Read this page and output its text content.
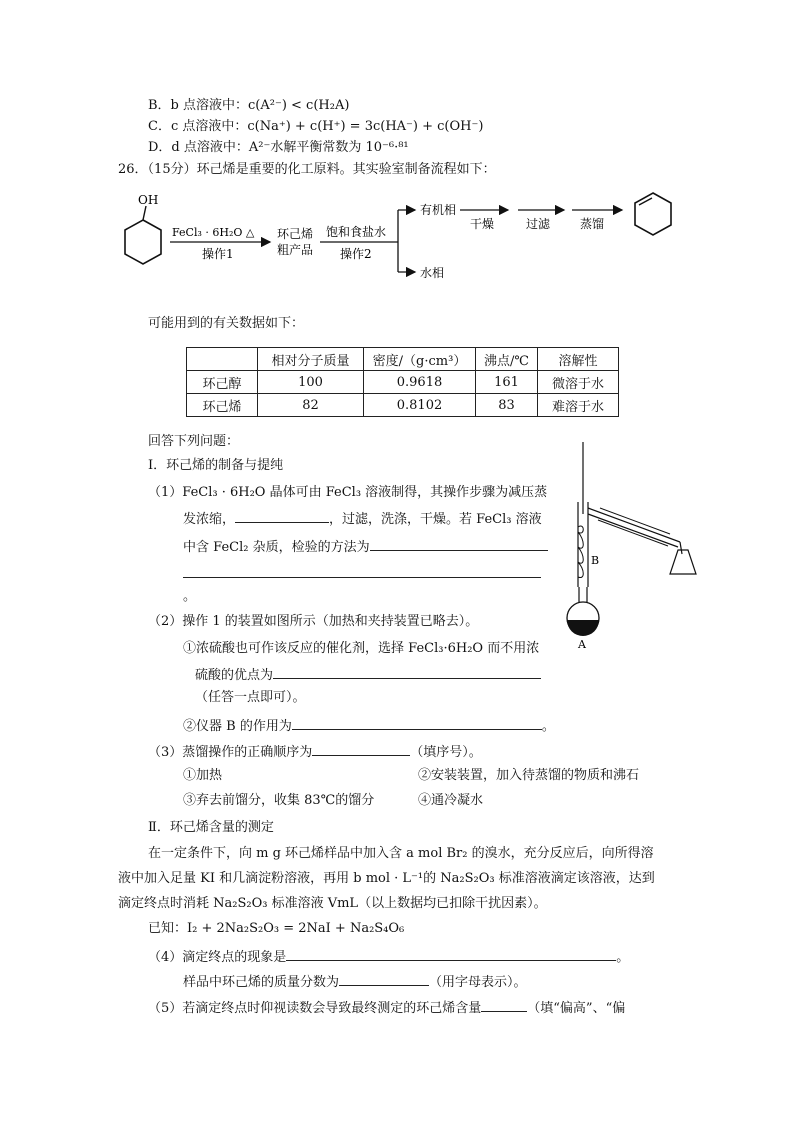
B．b 点溶液中：c(A²⁻) < c(H₂A)
C．c 点溶液中：c(Na⁺) + c(H⁺) = 3c(HA⁻) + c(OH⁻)
D．d 点溶液中：A²⁻水解平衡常数为 10⁻⁶·⁸¹
26．（15分）环己烯是重要的化工原料。其实验室制备流程如下：
OH
FeCl₃ · 6H₂O △
操作1
环己烯
粗产品
饱和食盐水
操作2
有机相
水相
干燥	过滤 蒸馏
可能用到的有关数据如下：
	相对分子质量	密度/（g·cm³）	沸点/℃	溶解性
环己醇	100	0.9618	161	微溶于水
环己烯	82	0.8102	83	难溶于水
回答下列问题：
Ⅰ．环己烯的制备与提纯
（1）FeCl₃ · 6H₂O 晶体可由 FeCl₃ 溶液制得，其操作步骤为减压蒸
发浓缩，	，过滤，洗涤，干燥。若 FeCl₃ 溶液
中含 FeCl₂ 杂质，检验的方法为
。
（2）操作 1 的装置如图所示（加热和夹持装置已略去）。
①浓硫酸也可作该反应的催化剂，选择 FeCl₃·6H₂O 而不用浓
硫酸的优点为
（任答一点即可）。
②仪器 B 的作用为	。
（3）蒸馏操作的正确顺序为	（填序号）。
①加热	②安装装置，加入待蒸馏的物质和沸石
③弃去前馏分，收集 83℃的馏分	④通冷凝水
Ⅱ．环己烯含量的测定
在一定条件下，向 m g 环己烯样品中加入含 a mol Br₂ 的溴水，充分反应后，向所得溶
液中加入足量 KI 和几滴淀粉溶液，再用 b mol · L⁻¹的 Na₂S₂O₃ 标准溶液滴定该溶液，达到
滴定终点时消耗 Na₂S₂O₃ 标准溶液 VmL（以上数据均已扣除干扰因素）。
已知：I₂ + 2Na₂S₂O₃ = 2NaI + Na₂S₄O₆
（4）滴定终点的现象是	。
样品中环己烯的质量分数为	（用字母表示）。
（5）若滴定终点时仰视读数会导致最终测定的环己烯含量	（填“偏高”、“偏
B
A
